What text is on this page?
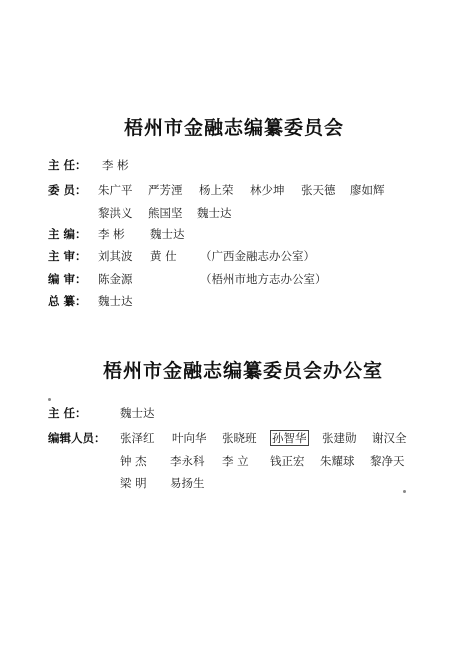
梧州市金融志编纂委员会
主 任： 李 彬
委 员： 朱广平 严芳湮 杨上荣 林少坤 张天德 廖如辉
黎洪义 熊国坚 魏士达
主 编： 李 彬 魏士达
主 审： 刘其波 黄 仕 （广西金融志办公室）
编 审： 陈金源	（梧州市地方志办公室）
总 纂： 魏士达
梧州市金融志编纂委员会办公室
主 任：	魏士达
编辑人员： 张泽红 叶向华 张晓班 孙智华 张建勋 谢汉全
钟 杰 李永科 李 立 钱正宏 朱耀球 黎净天
梁 明 易扬生
